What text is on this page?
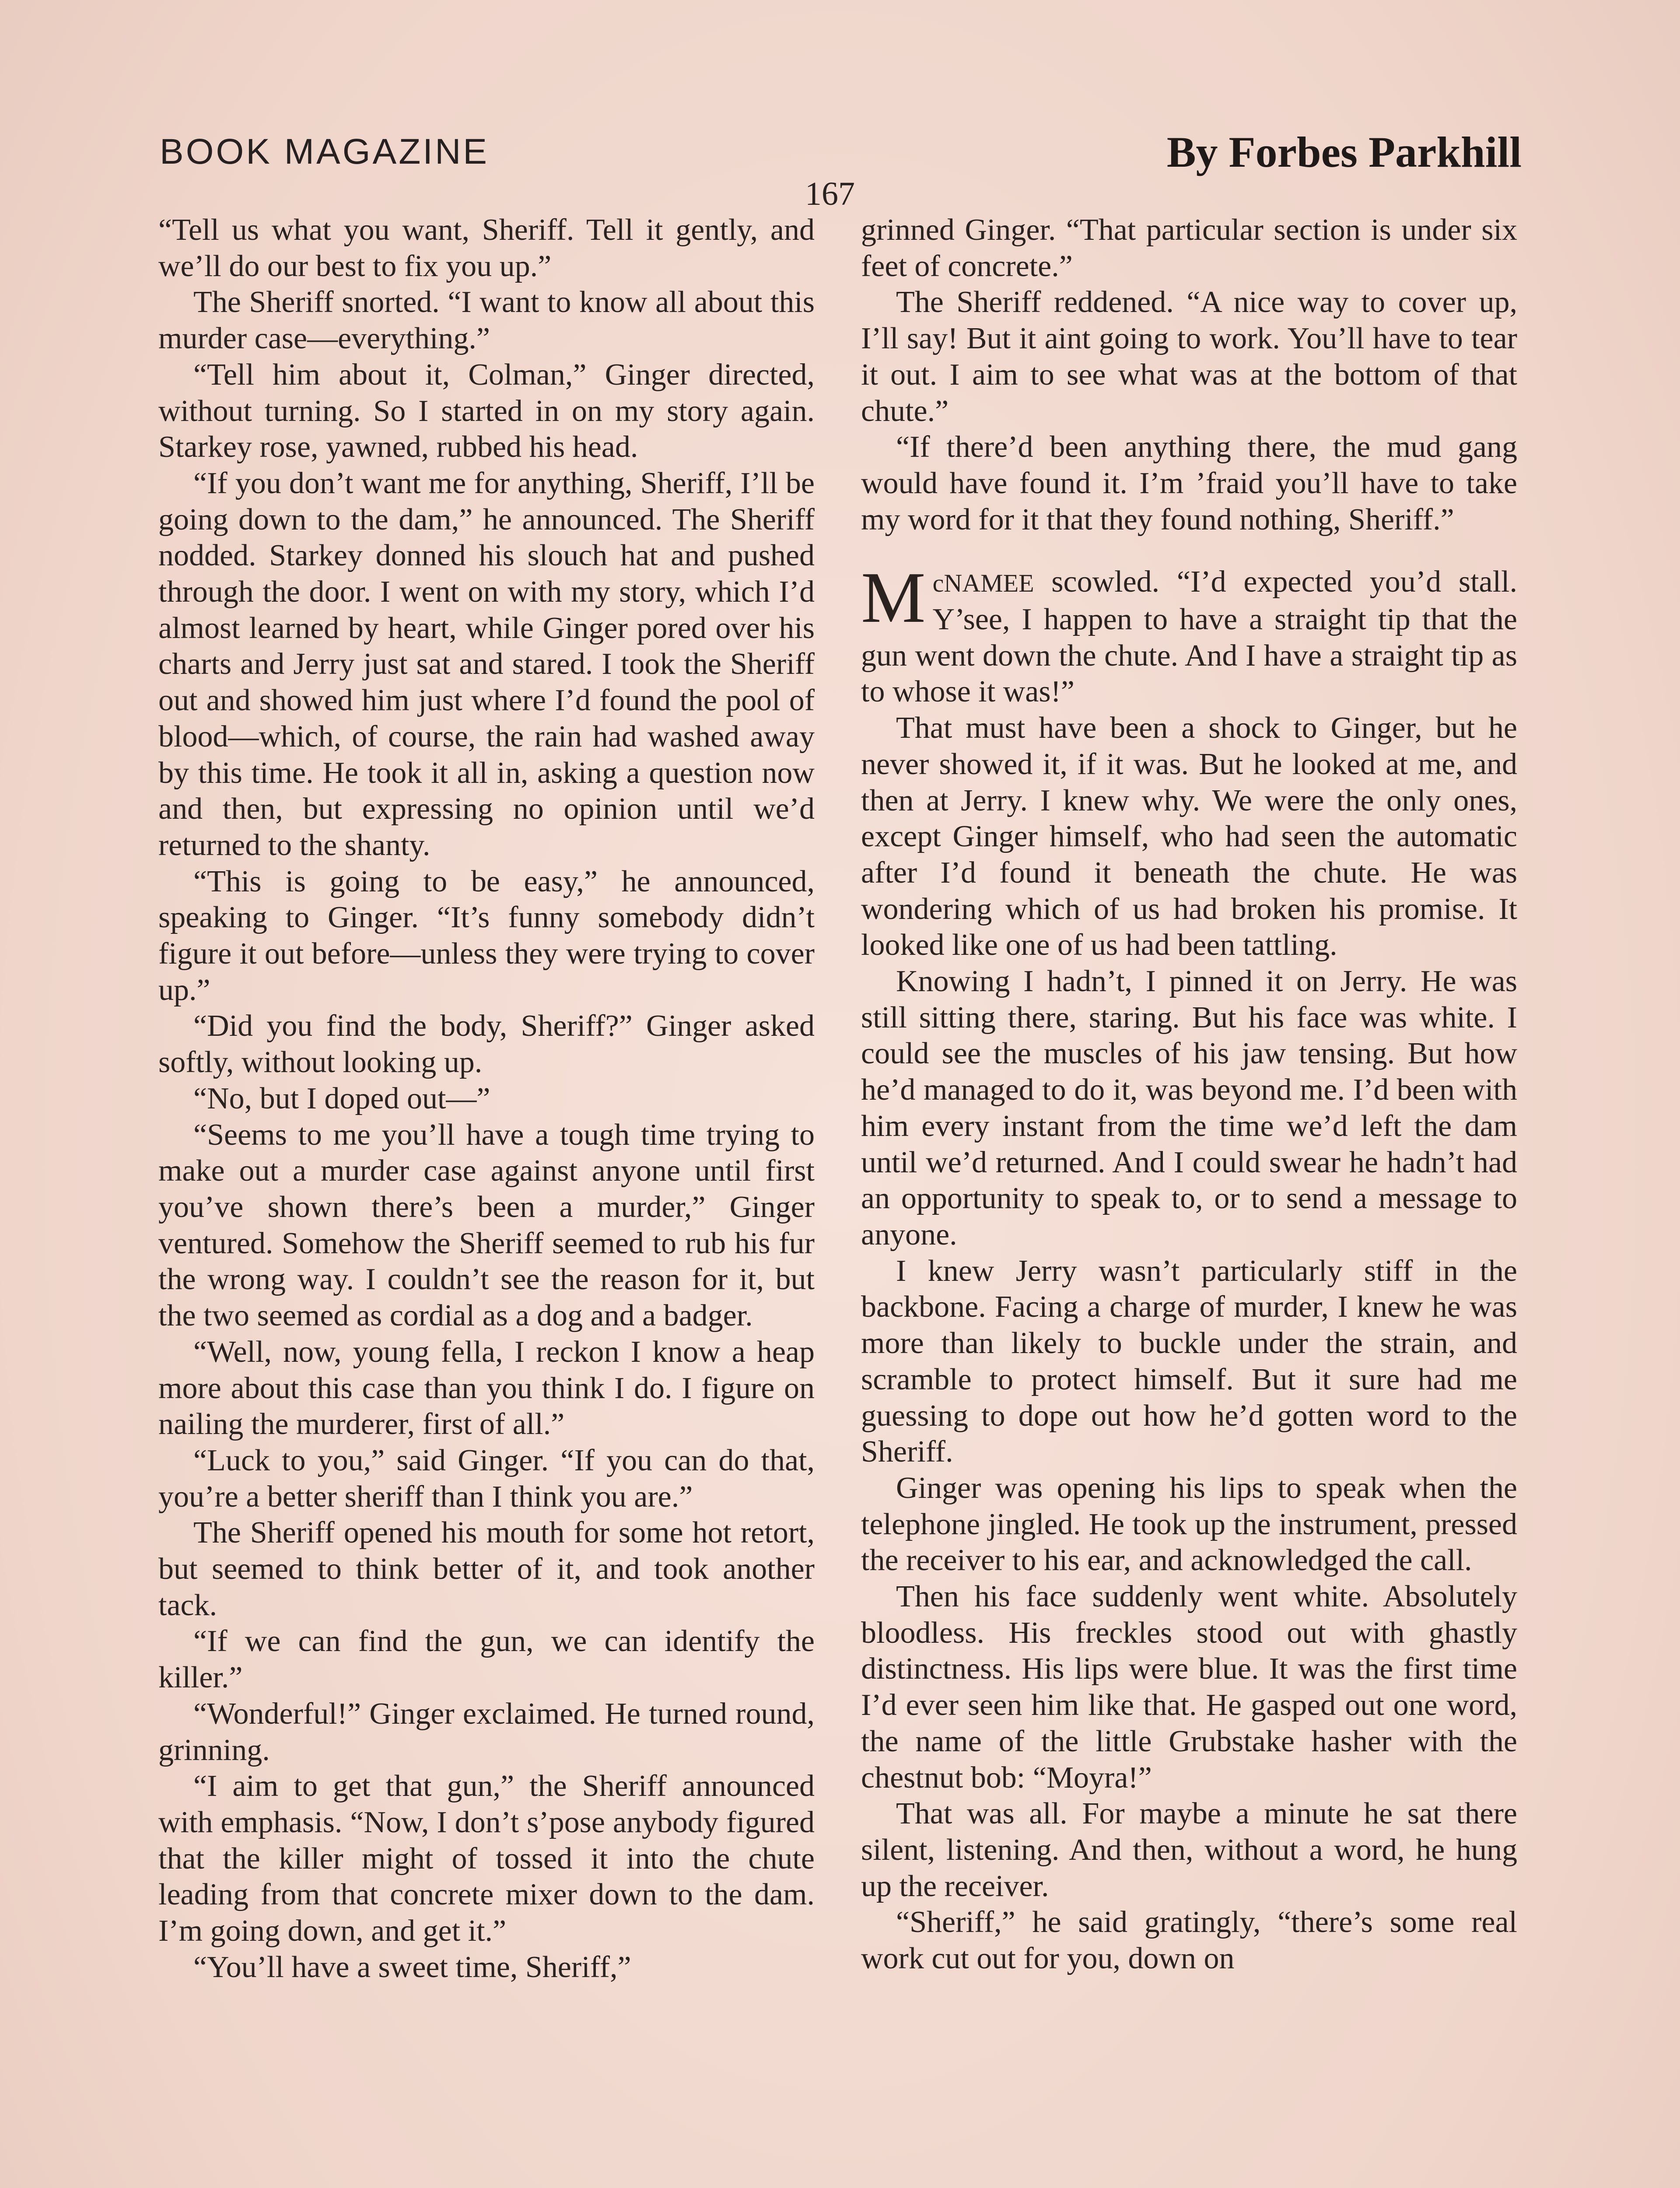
BOOK MAGAZINE	By Forbes Parkhill
167

“Tell us what you want, Sheriff. Tell it gently, and we’ll do our best to fix you up.”

The Sheriff snorted. “I want to know all about this murder case—everything.”

“Tell him about it, Colman,” Ginger directed, without turning. So I started in on my story again. Starkey rose, yawned, rubbed his head.

“If you don’t want me for anything, Sheriff, I’ll be going down to the dam,” he announced. The Sheriff nodded. Starkey donned his slouch hat and pushed through the door. I went on with my story, which I’d almost learned by heart, while Ginger pored over his charts and Jerry just sat and stared. I took the Sheriff out and showed him just where I’d found the pool of blood—which, of course, the rain had washed away by this time. He took it all in, asking a question now and then, but expressing no opinion until we’d returned to the shanty.

“This is going to be easy,” he announced, speaking to Ginger. “It’s funny somebody didn’t figure it out before—unless they were trying to cover up.”

“Did you find the body, Sheriff?” Ginger asked softly, without looking up.

“No, but I doped out—”

“Seems to me you’ll have a tough time trying to make out a murder case against anyone until first you’ve shown there’s been a murder,” Ginger ventured. Somehow the Sheriff seemed to rub his fur the wrong way. I couldn’t see the reason for it, but the two seemed as cordial as a dog and a badger.

“Well, now, young fella, I reckon I know a heap more about this case than you think I do. I figure on nailing the murderer, first of all.”

“Luck to you,” said Ginger. “If you can do that, you’re a better sheriff than I think you are.”

The Sheriff opened his mouth for some hot retort, but seemed to think better of it, and took another tack.

“If we can find the gun, we can identify the killer.”

“Wonderful!” Ginger exclaimed. He turned round, grinning.

“I aim to get that gun,” the Sheriff announced with emphasis. “Now, I don’t s’pose anybody figured that the killer might of tossed it into the chute leading from that concrete mixer down to the dam. I’m going down, and get it.”

“You’ll have a sweet time, Sheriff,”

grinned Ginger. “That particular section is under six feet of concrete.”

The Sheriff reddened. “A nice way to cover up, I’ll say! But it aint going to work. You’ll have to tear it out. I aim to see what was at the bottom of that chute.”

“If there’d been anything there, the mud gang would have found it. I’m ’fraid you’ll have to take my word for it that they found nothing, Sheriff.”

McNAMEE scowled. “I’d expected you’d stall. Y’see, I happen to have a straight tip that the gun went down the chute. And I have a straight tip as to whose it was!”

That must have been a shock to Ginger, but he never showed it, if it was. But he looked at me, and then at Jerry. I knew why. We were the only ones, except Ginger himself, who had seen the automatic after I’d found it beneath the chute. He was wondering which of us had broken his promise. It looked like one of us had been tattling.

Knowing I hadn’t, I pinned it on Jerry. He was still sitting there, staring. But his face was white. I could see the muscles of his jaw tensing. But how he’d managed to do it, was beyond me. I’d been with him every instant from the time we’d left the dam until we’d returned. And I could swear he hadn’t had an opportunity to speak to, or to send a message to anyone.

I knew Jerry wasn’t particularly stiff in the backbone. Facing a charge of murder, I knew he was more than likely to buckle under the strain, and scramble to protect himself. But it sure had me guessing to dope out how he’d gotten word to the Sheriff.

Ginger was opening his lips to speak when the telephone jingled. He took up the instrument, pressed the receiver to his ear, and acknowledged the call.

Then his face suddenly went white. Absolutely bloodless. His freckles stood out with ghastly distinctness. His lips were blue. It was the first time I’d ever seen him like that. He gasped out one word, the name of the little Grubstake hasher with the chestnut bob: “Moyra!”

That was all. For maybe a minute he sat there silent, listening. And then, without a word, he hung up the receiver.

“Sheriff,” he said gratingly, “there’s some real work cut out for you, down on
